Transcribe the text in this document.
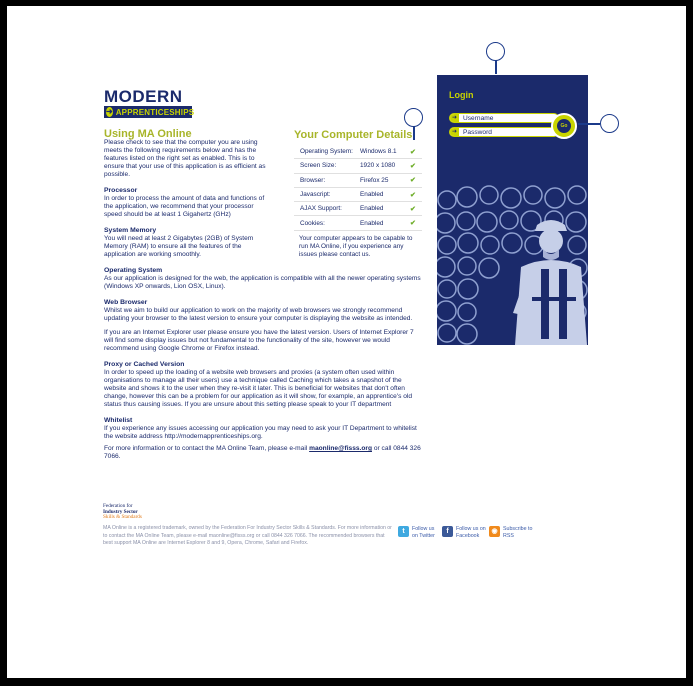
MODERN
➜ APPRENTICESHIPS
Using MA Online
Please check to see that the computer you are using meets the following requirements below and has the features listed on the right set as enabled. This is to ensure that your use of this application is as efficient as possible.
Processor
In order to process the amount of data and functions of the application, we recommend that your processor speed should be at least 1 Gigahertz (GHz)
System Memory
You will need at least 2 Gigabytes (2GB) of System Memory (RAM) to ensure all the features of the application are working smoothly.
Operating System
As our application is designed for the web, the application is compatible with all the newer operating systems (Windows XP onwards, Lion OSX, Linux).
Web Browser
Whilst we aim to build our application to work on the majority of web browsers we strongly recommend updating your browser to the latest version to ensure your computer is displaying the website as intended.
If you are an Internet Explorer user please ensure you have the latest version. Users of Internet Explorer 7 will find some display issues but not fundamental to the functionality of the site, however we would recommend using Google Chrome or Firefox instead.
Proxy or Cached Version
In order to speed up the loading of a website web browsers and proxies (a system often used within organisations to manage all their users) use a technique called Caching which takes a snapshot of the website and shows it to the user when they re-visit it later. This is beneficial for websites that don't often change, however this can be a problem for our application as it will show, for example, an apprentice's old status thus causing issues. If you are unsure about this setting please speak to your IT department
Whitelist
If you experience any issues accessing our application you may need to ask your IT Department to whitelist the website address http://modernapprenticeships.org.
For more information or to contact the MA Online Team, please e-mail maonline@fisss.org or call 0844 326 7066.
Your Computer Details
Operating System:	Windows 8.1	✔
Screen Size:	1920 x 1080	✔
Browser:	Firefox 25	✔
Javascript:	Enabled	✔
AJAX Support:	Enabled	✔
Cookies:	Enabled	✔
Your computer appears to be capable to run MA Online, if you experience any issues please contact us.
Login
➜ Username
➜ Password
Go
Federation for
Industry Sector
Skills & Standards
MA Online is a registered trademark, owned by the Federation For Industry Sector Skills & Standards. For more information or to contact the MA Online Team, please e-mail maonline@fisss.org or call 0844 326 7066. The recommended browsers that best support MA Online are Internet Explorer 8 and 9, Opera, Chrome, Safari and Firefox.
t	Follow us on Twitter
f	Follow us on Facebook
◉	Subscribe to RSS
